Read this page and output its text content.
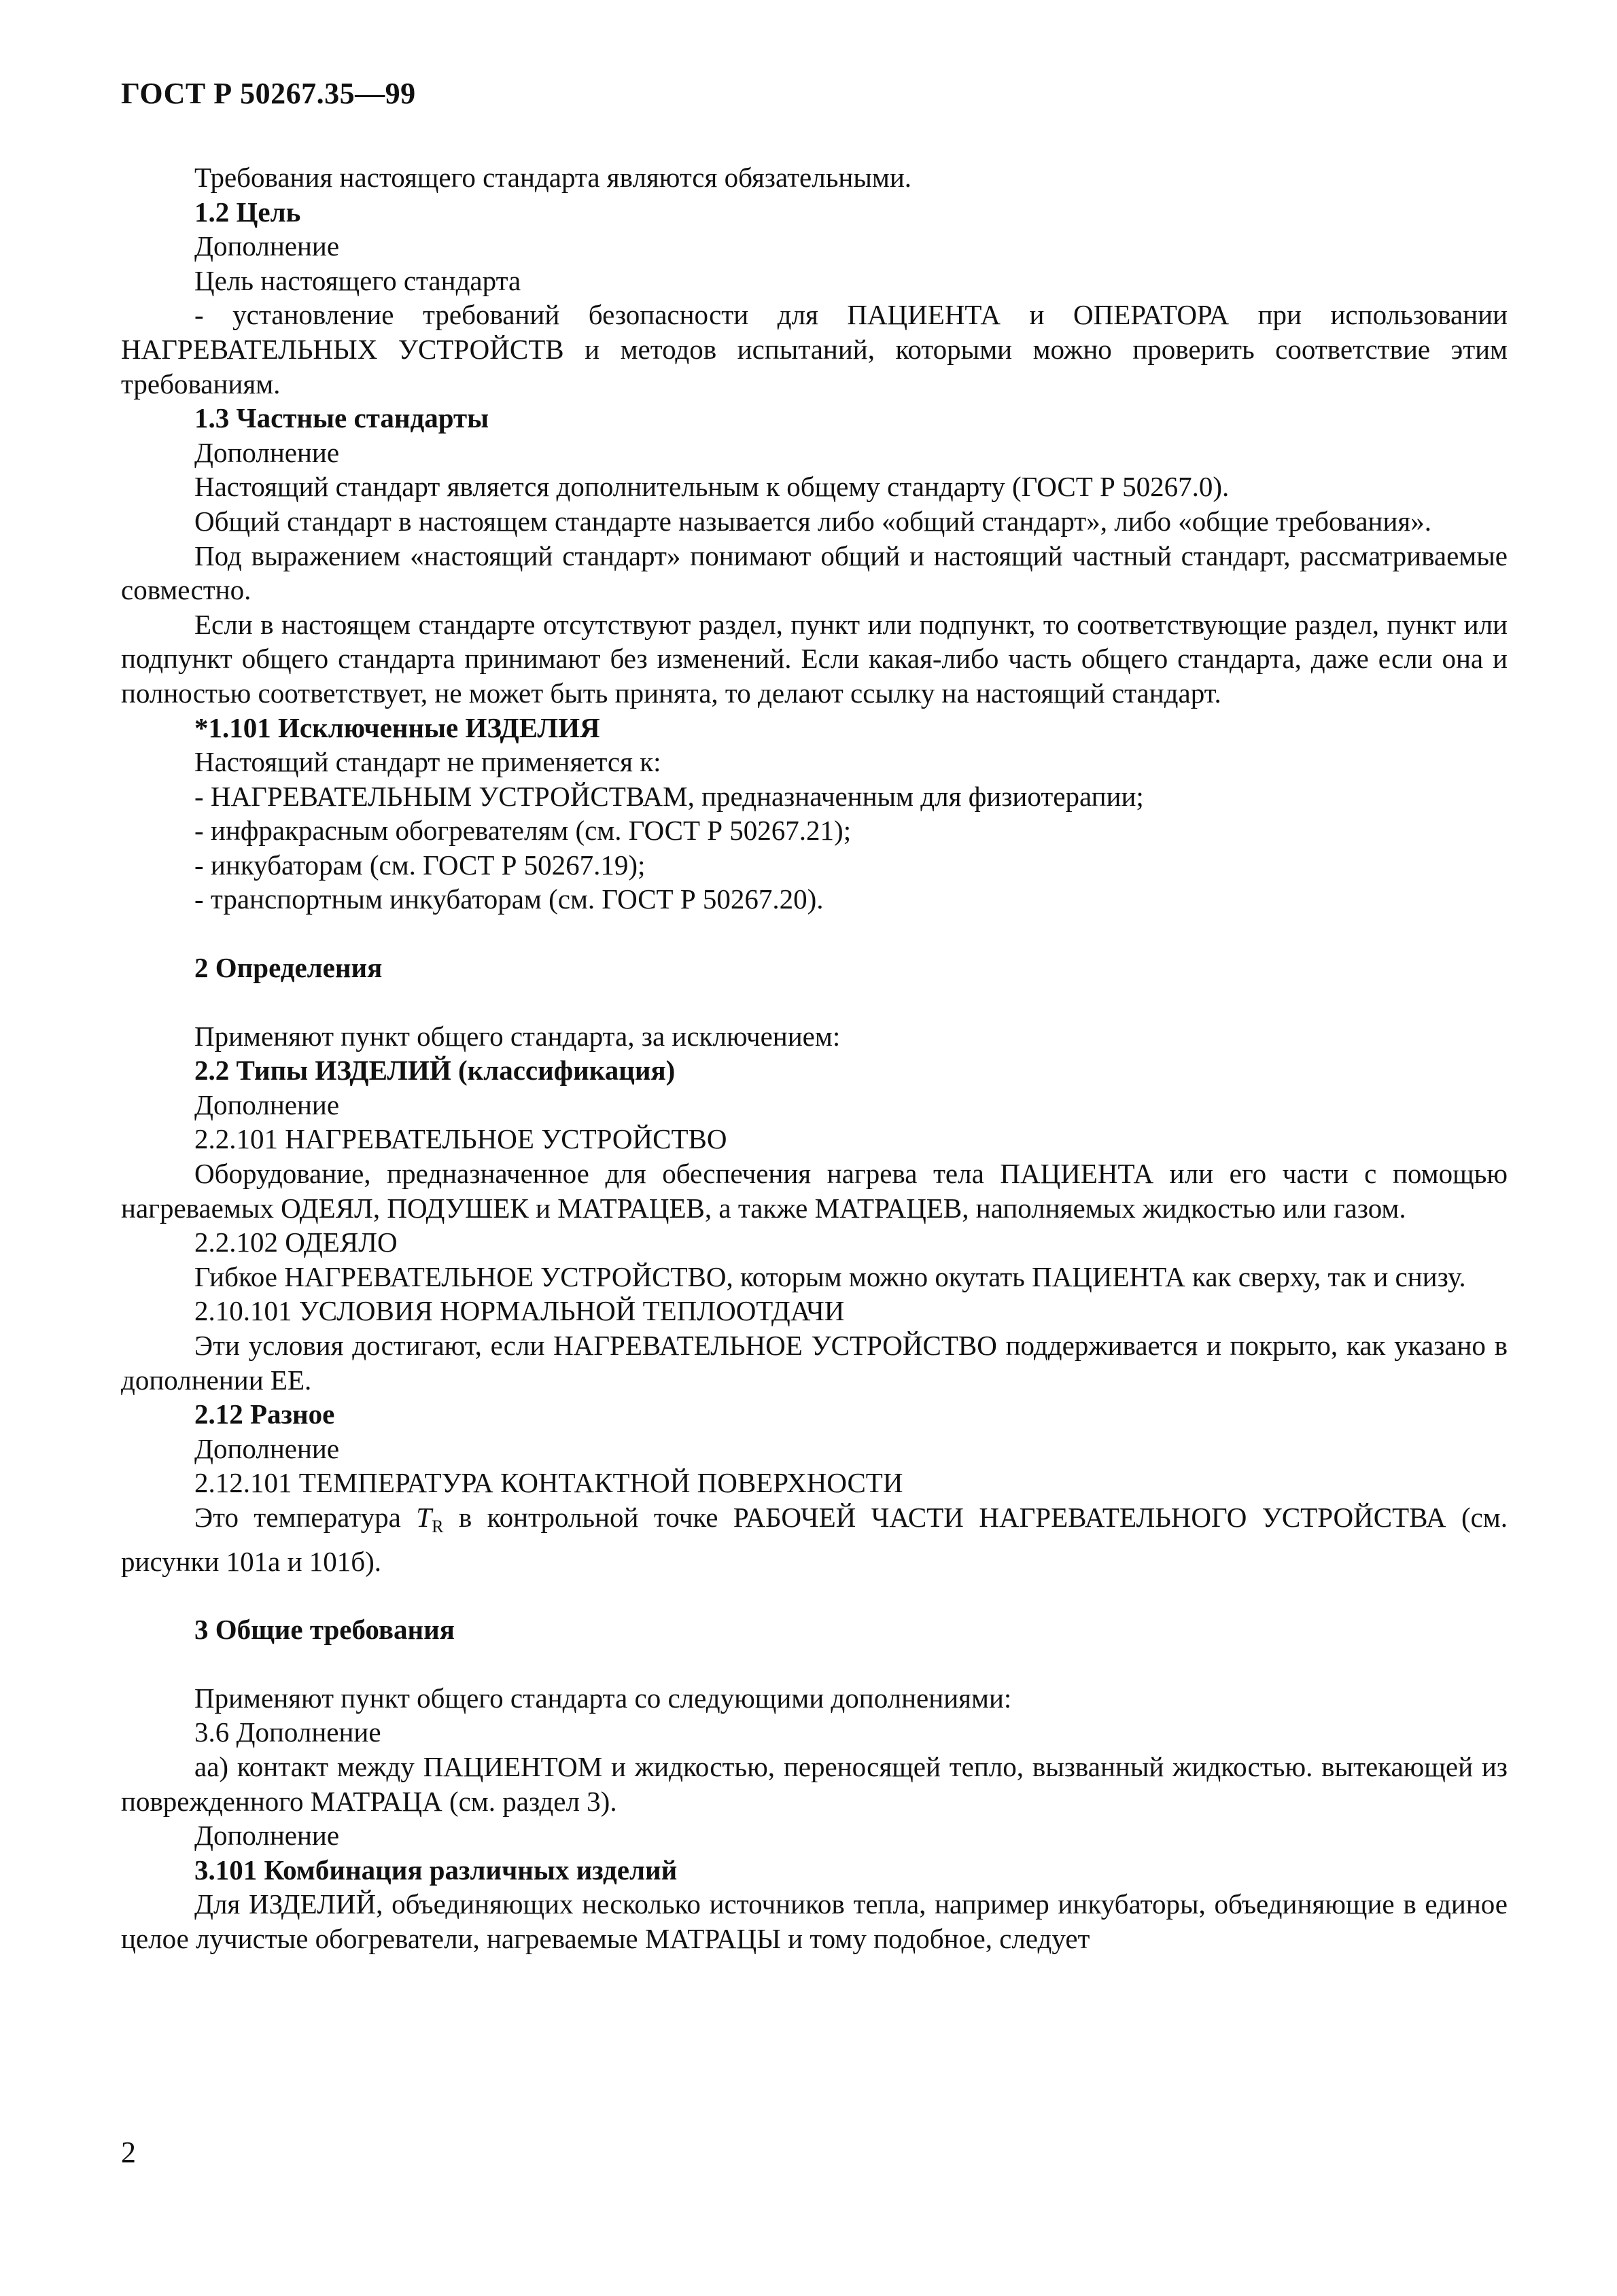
ГОСТ Р 50267.35—99

Требования настоящего стандарта являются обязательными.

1.2 Цель

Дополнение

Цель настоящего стандарта

- установление требований безопасности для ПАЦИЕНТА и ОПЕРАТОРА при использовании НАГРЕВАТЕЛЬНЫХ УСТРОЙСТВ и методов испытаний, которыми можно проверить соответствие этим требованиям.

1.3 Частные стандарты

Дополнение

Настоящий стандарт является дополнительным к общему стандарту (ГОСТ Р 50267.0).

Общий стандарт в настоящем стандарте называется либо «общий стандарт», либо «общие требования».

Под выражением «настоящий стандарт» понимают общий и настоящий частный стандарт, рассматриваемые совместно.

Если в настоящем стандарте отсутствуют раздел, пункт или подпункт, то соответствующие раздел, пункт или подпункт общего стандарта принимают без изменений. Если какая-либо часть общего стандарта, даже если она и полностью соответствует, не может быть принята, то делают ссылку на настоящий стандарт.

*1.101 Исключенные ИЗДЕЛИЯ

Настоящий стандарт не применяется к:

- НАГРЕВАТЕЛЬНЫМ УСТРОЙСТВАМ, предназначенным для физиотерапии;

- инфракрасным обогревателям (см. ГОСТ Р 50267.21);

- инкубаторам (см. ГОСТ Р 50267.19);

- транспортным инкубаторам (см. ГОСТ Р 50267.20).

2 Определения

Применяют пункт общего стандарта, за исключением:

2.2 Типы ИЗДЕЛИЙ (классификация)

Дополнение

2.2.101 НАГРЕВАТЕЛЬНОЕ УСТРОЙСТВО

Оборудование, предназначенное для обеспечения нагрева тела ПАЦИЕНТА или его части с помощью нагреваемых ОДЕЯЛ, ПОДУШЕК и МАТРАЦЕВ, а также МАТРАЦЕВ, наполняемых жидкостью или газом.

2.2.102 ОДЕЯЛО

Гибкое НАГРЕВАТЕЛЬНОЕ УСТРОЙСТВО, которым можно окутать ПАЦИЕНТА как сверху, так и снизу.

2.10.101 УСЛОВИЯ НОРМАЛЬНОЙ ТЕПЛООТДАЧИ

Эти условия достигают, если НАГРЕВАТЕЛЬНОЕ УСТРОЙСТВО поддерживается и покрыто, как указано в дополнении ЕЕ.

2.12 Разное

Дополнение

2.12.101 ТЕМПЕРАТУРА КОНТАКТНОЙ ПОВЕРХНОСТИ

Это температура $T_R$ в контрольной точке РАБОЧЕЙ ЧАСТИ НАГРЕВАТЕЛЬНОГО УСТРОЙСТВА (см. рисунки 101а и 101б).

3 Общие требования

Применяют пункт общего стандарта со следующими дополнениями:

3.6 Дополнение

аа) контакт между ПАЦИЕНТОМ и жидкостью, переносящей тепло, вызванный жидкостью. вытекающей из поврежденного МАТРАЦА (см. раздел 3).

Дополнение

3.101 Комбинация различных изделий

Для ИЗДЕЛИЙ, объединяющих несколько источников тепла, например инкубаторы, объединяющие в единое целое лучистые обогреватели, нагреваемые МАТРАЦЫ и тому подобное, следует

2
